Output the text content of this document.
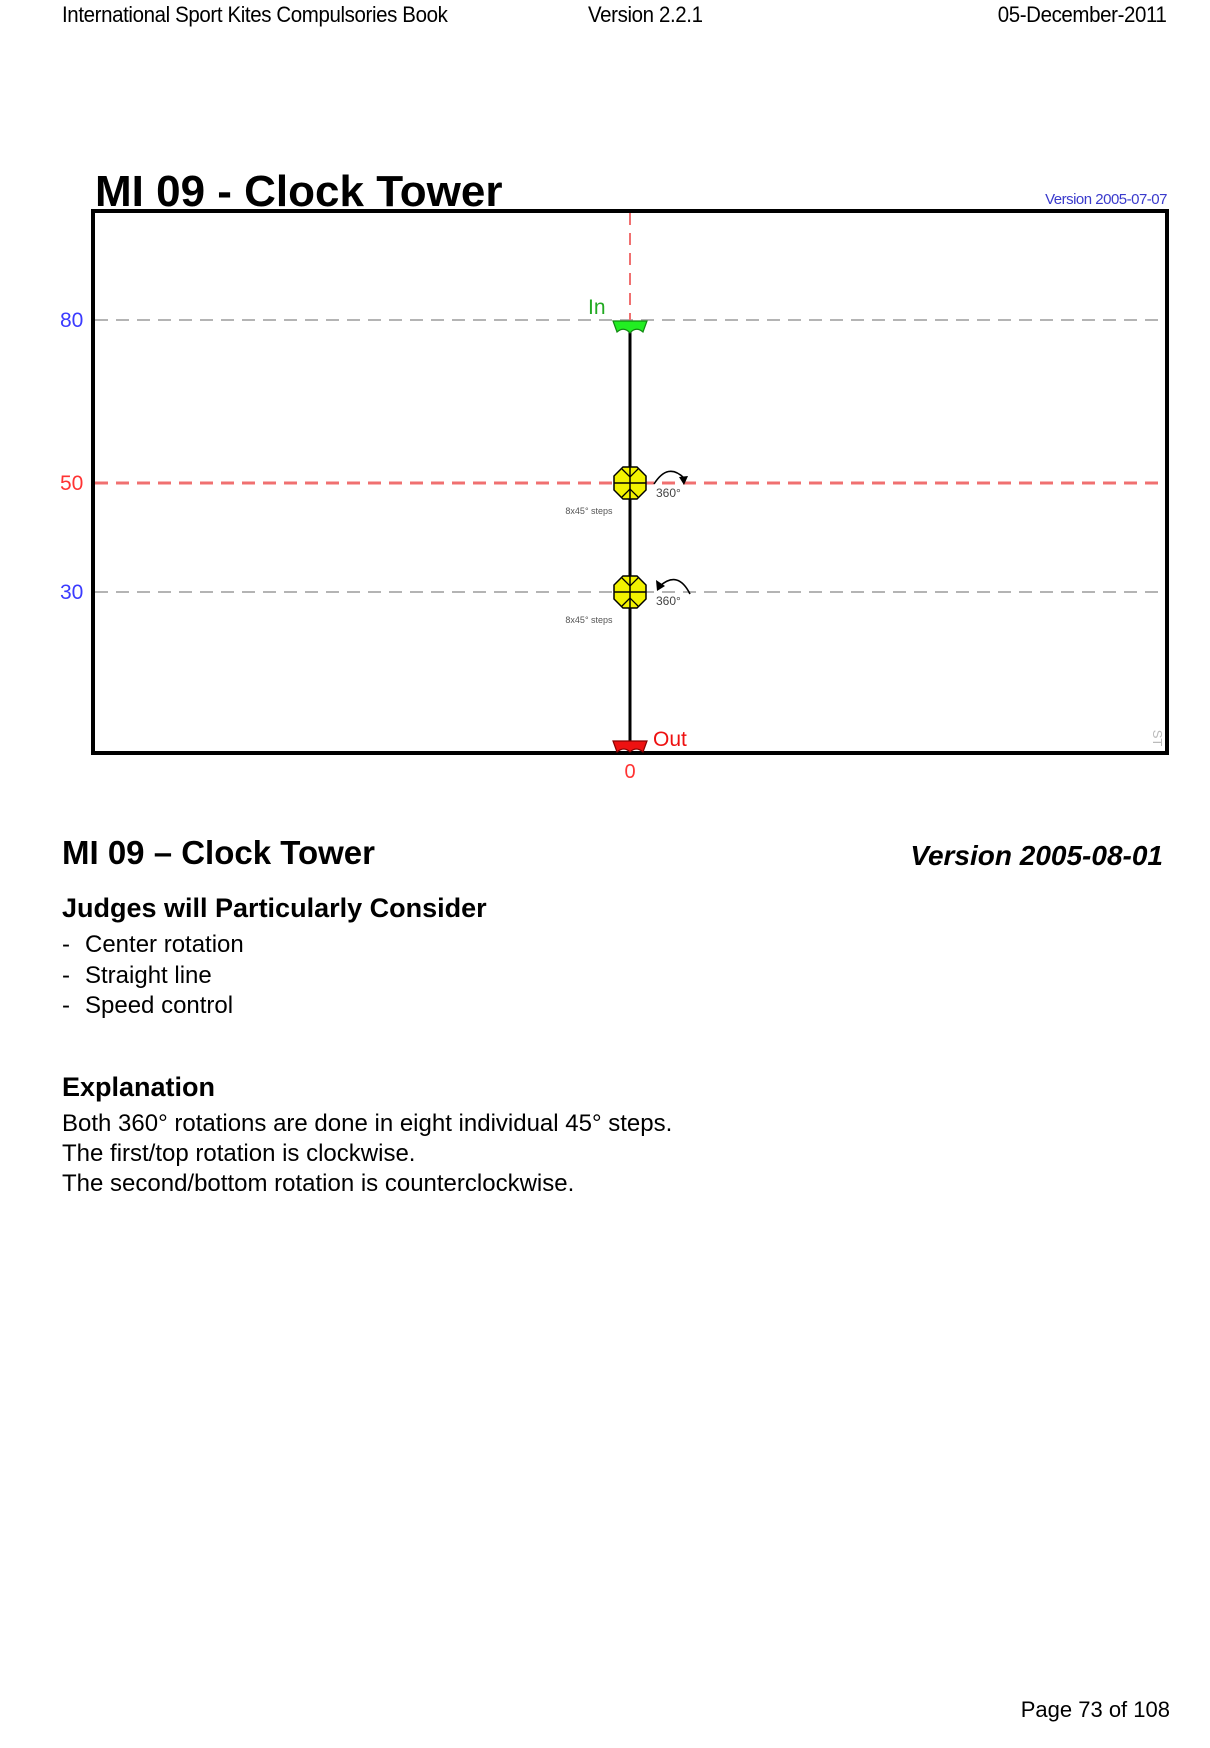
International Sport Kites Compulsories Book	Version 2.2.1	05-December-2011
MI 09 - Clock Tower	Version 2005-07-07
80
50
30
0
In
Out
360°
8x45° steps
360°
8x45° steps
ST
MI 09 – Clock Tower	Version 2005-08-01
Judges will Particularly Consider
- Center rotation
- Straight line
- Speed control
Explanation
Both 360° rotations are done in eight individual 45° steps.
The first/top rotation is clockwise.
The second/bottom rotation is counterclockwise.
Page 73 of 108
